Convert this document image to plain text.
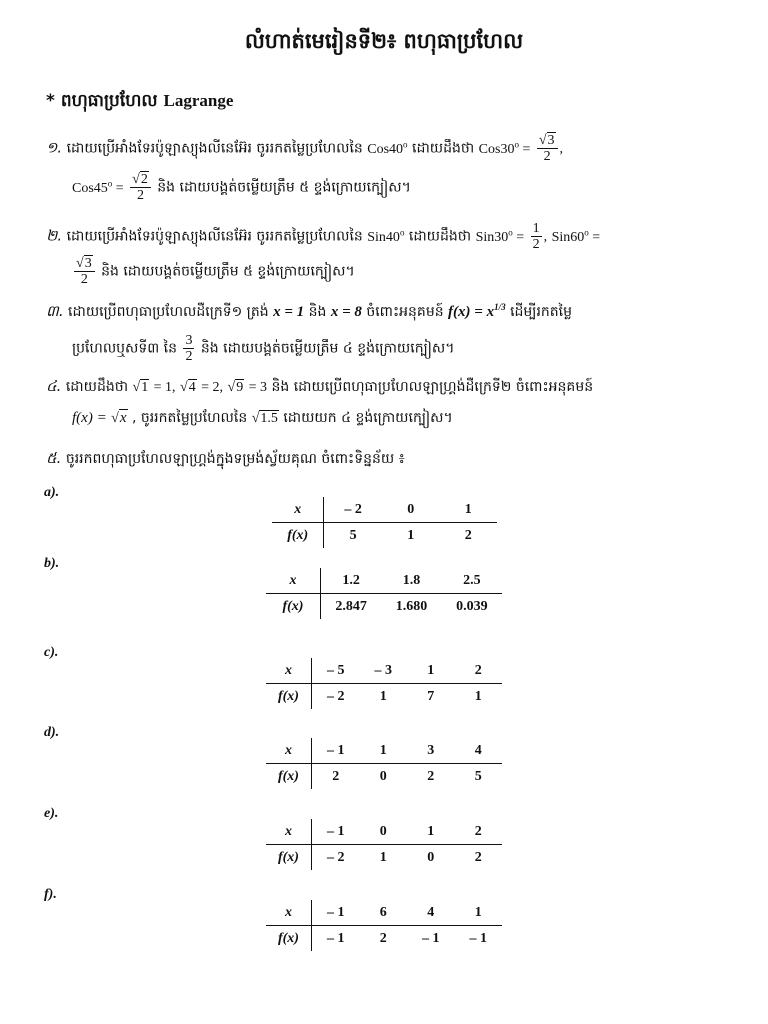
លំហាត់មេរៀនទី២៖ ពហុធាប្រហែល
* ពហុធាប្រហែល Lagrange
១. ដោយប្រើអាំងទែរប៉ូឡាស្យុងលីនេអ៊ែរ ចូររកតម្លៃប្រហែលនៃ Cos40$^o$ ដោយដឹងថា $Cos30^o = \frac{√3}{2}$ ,
$Cos45^o = \frac{√2}{2}$ និង ដោយបង្គត់ចម្លើយត្រឹម ៥ ខ្ទង់ក្រោយក្បៀស។
២. ដោយប្រើអាំងទែរប៉ូឡាស្យុងលីនេអ៊ែរ ចូររកតម្លៃប្រហែលនៃ Sin40$^o$ ដោយដឹងថា $Sin30^o = \frac{1}{2}$ , $Sin60^o$ =
$\frac{√3}{2}$ និង ដោយបង្គត់ចម្លើយត្រឹម ៥ ខ្ទង់ក្រោយក្បៀស។
៣. ដោយប្រើពហុធាប្រហែលដឺក្រេទី១ ត្រង់ x = 1 និង x = 8 ចំពោះអនុគមន៍ $f(x) = x^{1/3}$ ដើម្បីរកតម្លៃ
ប្រហែលឬសទី៣ នៃ $\frac{3}{2}$ និង ដោយបង្គត់ចម្លើយត្រឹម ៤ ខ្ទង់ក្រោយក្បៀស។
៤. ដោយដឹងថា √1 = 1, √4 = 2, √9 = 3 និង ដោយប្រើពហុធាប្រហែលឡាហ្គ្រង់ដឺក្រេទី២ ចំពោះអនុគមន៍
f(x) = √x , ចូររកតម្លៃប្រហែលនៃ √1.5 ដោយយក ៤ ខ្ទង់ក្រោយក្បៀស។
៥. ចូររកពហុធាប្រហែលឡាហ្គ្រង់ក្នុងទម្រង់ស្វ័យគុណ ចំពោះទិន្នន័យ ៖
a).
x	– 2	0	1
f(x)	5	1	2
b).
x	1.2	1.8	2.5
f(x)	2.847	1.680	0.039
c).
x	– 5	– 3	1	2
f(x)	– 2	1	7	1
d).
x	– 1	1	3	4
f(x)	2	0	2	5
e).
x	– 1	0	1	2
f(x)	– 2	1	0	2
f).
x	– 1	6	4	1
f(x)	– 1	2	– 1	– 1
